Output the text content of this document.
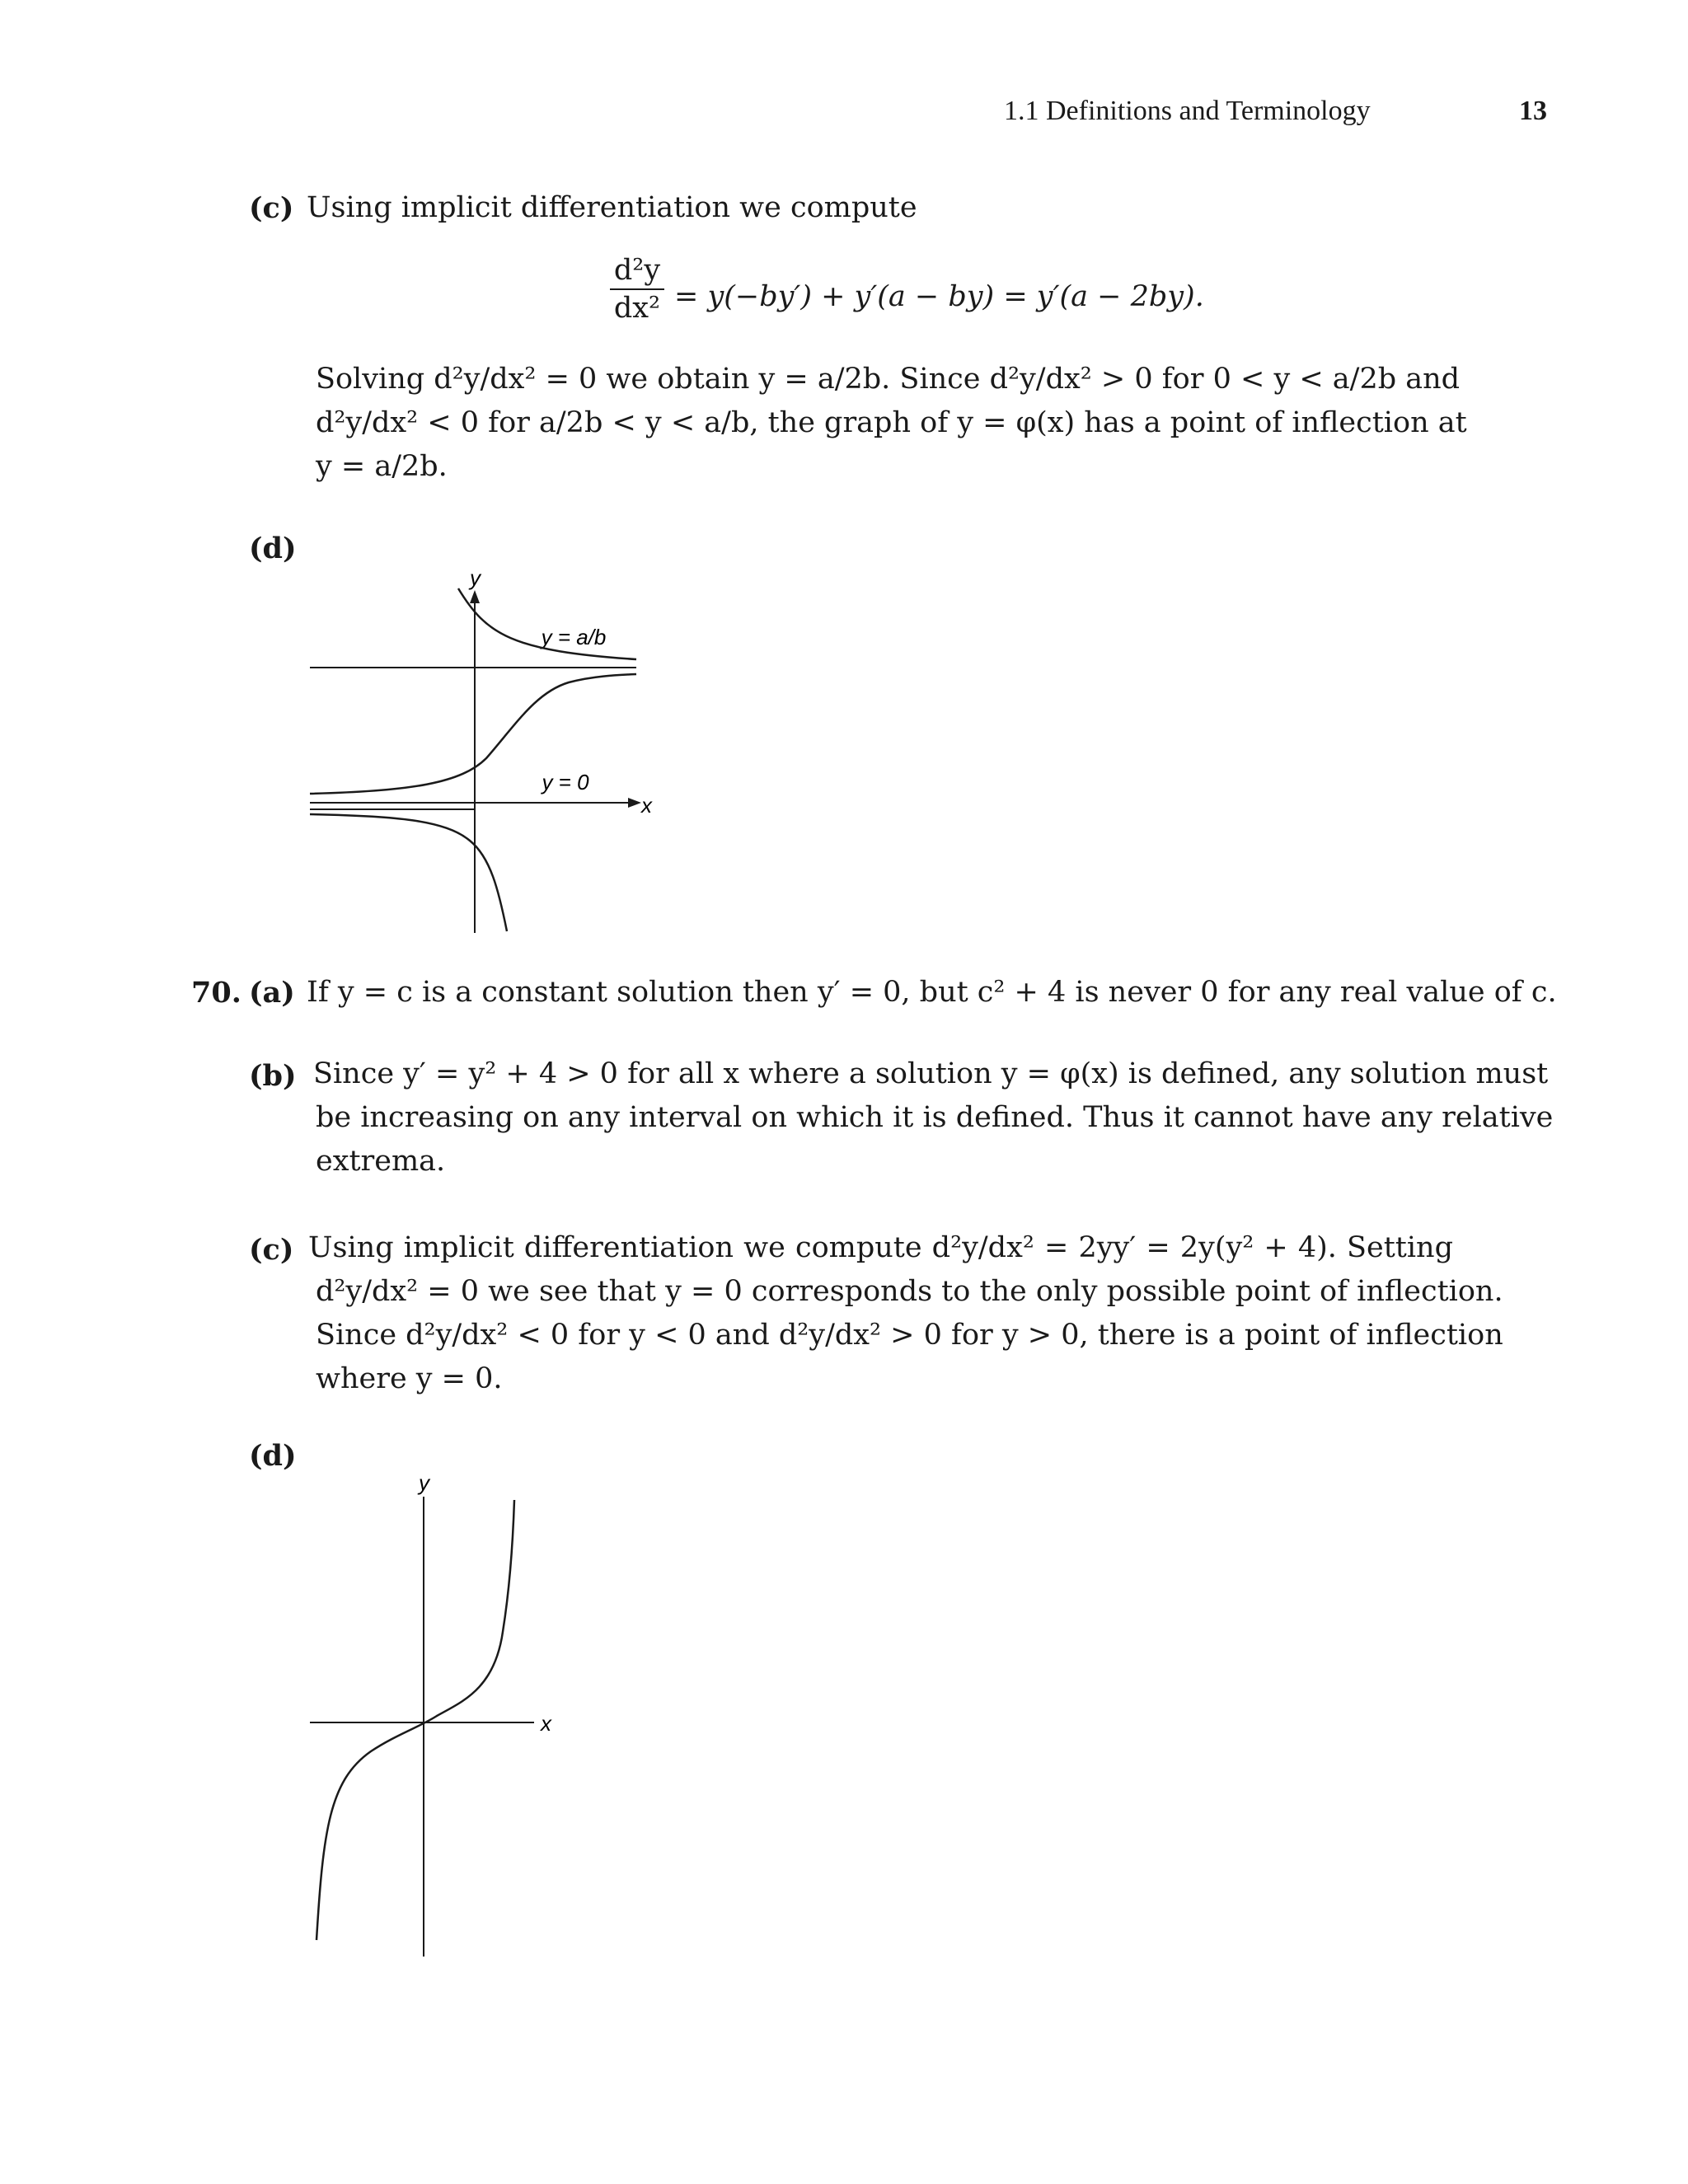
1.1 Definitions and Terminology	13
(c) Using implicit differentiation we compute
d²y
dx² = y(−by′) + y′(a − by) = y′(a − 2by).
Solving d²y/dx² = 0 we obtain y = a/2b. Since d²y/dx² > 0 for 0 < y < a/2b and
d²y/dx² < 0 for a/2b < y < a/b, the graph of y = φ(x) has a point of inflection at
y = a/2b.
(d)
y
y = a/b
x
y = 0
70. (a) If y = c is a constant solution then y′ = 0, but c² + 4 is never 0 for any real value of c.
(b) Since y′ = y² + 4 > 0 for all x where a solution y = φ(x) is defined, any solution must
be increasing on any interval on which it is defined. Thus it cannot have any relative
extrema.
(c) Using implicit differentiation we compute d²y/dx² = 2yy′ = 2y(y² + 4). Setting
d²y/dx² = 0 we see that y = 0 corresponds to the only possible point of inflection.
Since d²y/dx² < 0 for y < 0 and d²y/dx² > 0 for y > 0, there is a point of inflection
where y = 0.
(d)
y
x
